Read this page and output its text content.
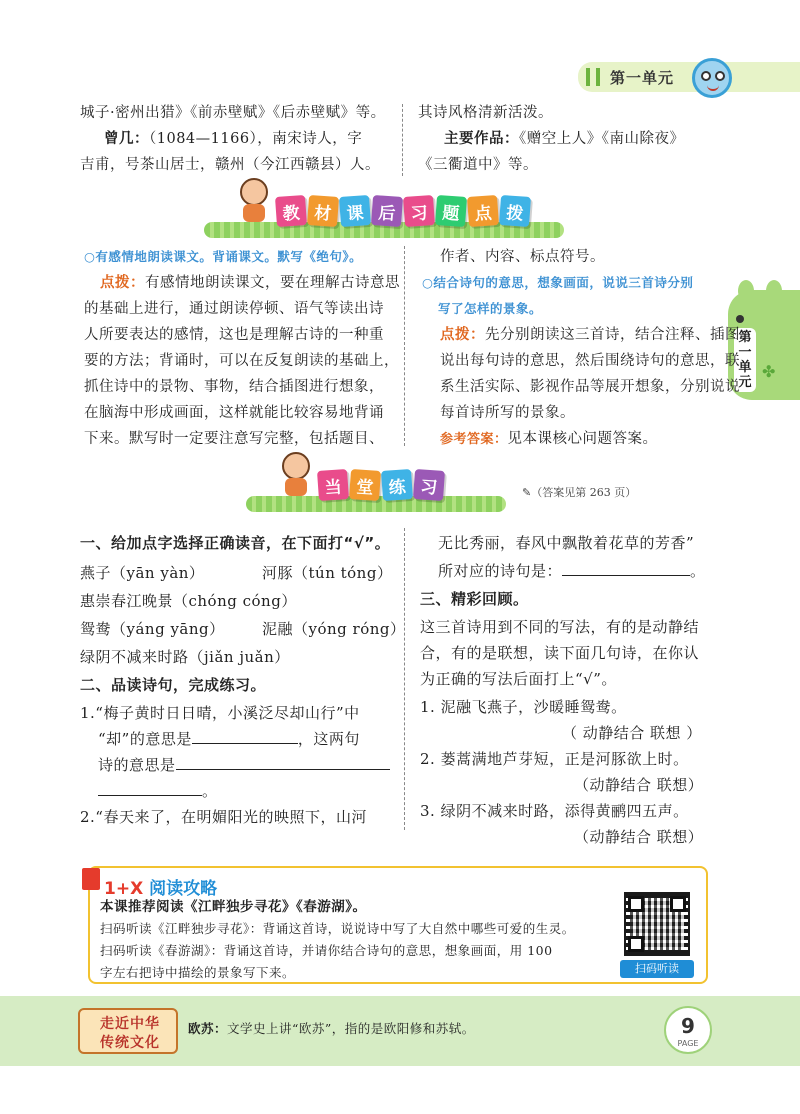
第一单元
第一单元
✤
城子·密州出猎》《前赤壁赋》《后赤壁赋》等。
曾几：（1084—1166），南宋诗人，字
吉甫，号茶山居士，赣州（今江西赣县）人。
其诗风格清新活泼。
主要作品：《赠空上人》《南山除夜》
《三衢道中》等。
教 材 课 后 习 题 点 拨
○有感情地朗读课文。背诵课文。默写《绝句》。
点拨：有感情地朗读课文，要在理解古诗意思
的基础上进行，通过朗读停顿、语气等读出诗
人所要表达的感情，这也是理解古诗的一种重
要的方法；背诵时，可以在反复朗读的基础上，
抓住诗中的景物、事物，结合插图进行想象，
在脑海中形成画面，这样就能比较容易地背诵
下来。默写时一定要注意写完整，包括题目、
作者、内容、标点符号。
○结合诗句的意思，想象画面，说说三首诗分别
写了怎样的景象。
点拨：先分别朗读这三首诗，结合注释、插图
说出每句诗的意思，然后围绕诗句的意思，联
系生活实际、影视作品等展开想象，分别说说
每首诗所写的景象。
参考答案：见本课核心问题答案。
当 堂 练 习	✎（答案见第 263 页）
一、给加点字选择正确读音，在下面打“√”。
燕子（yān yàn）	河豚（tún tóng）
惠崇春江晚景（chóng cóng）
鸳鸯（yáng yāng） 泥融（yóng róng）
绿阴不减来时路（jiǎn juǎn）
二、品读诗句，完成练习。
1.“梅子黄时日日晴，小溪泛尽却山行”中
“却”的意思是	，这两句
诗的意思是
。
2.“春天来了，在明媚阳光的映照下，山河
无比秀丽，春风中飘散着花草的芳香”
所对应的诗句是：	。
三、精彩回顾。
这三首诗用到不同的写法，有的是动静结
合，有的是联想，读下面几句诗，在你认
为正确的写法后面打上“√”。
1. 泥融飞燕子，沙暖睡鸳鸯。
（ 动静结合 联想 ）
2. 蒌蒿满地芦芽短，正是河豚欲上时。
（动静结合 联想）
3. 绿阴不减来时路，添得黄鹂四五声。
（动静结合 联想）
1+X 阅读攻略
本课推荐阅读《江畔独步寻花》《春游湖》。
扫码听读《江畔独步寻花》：背诵这首诗，说说诗中写了大自然中哪些可爱的生灵。
扫码听读《春游湖》：背诵这首诗，并请你结合诗句的意思，想象画面，用 100
字左右把诗中描绘的景象写下来。	扫码听读
走近中华
传统文化
欧苏：文学史上讲“欧苏”，指的是欧阳修和苏轼。	9
PAGE
